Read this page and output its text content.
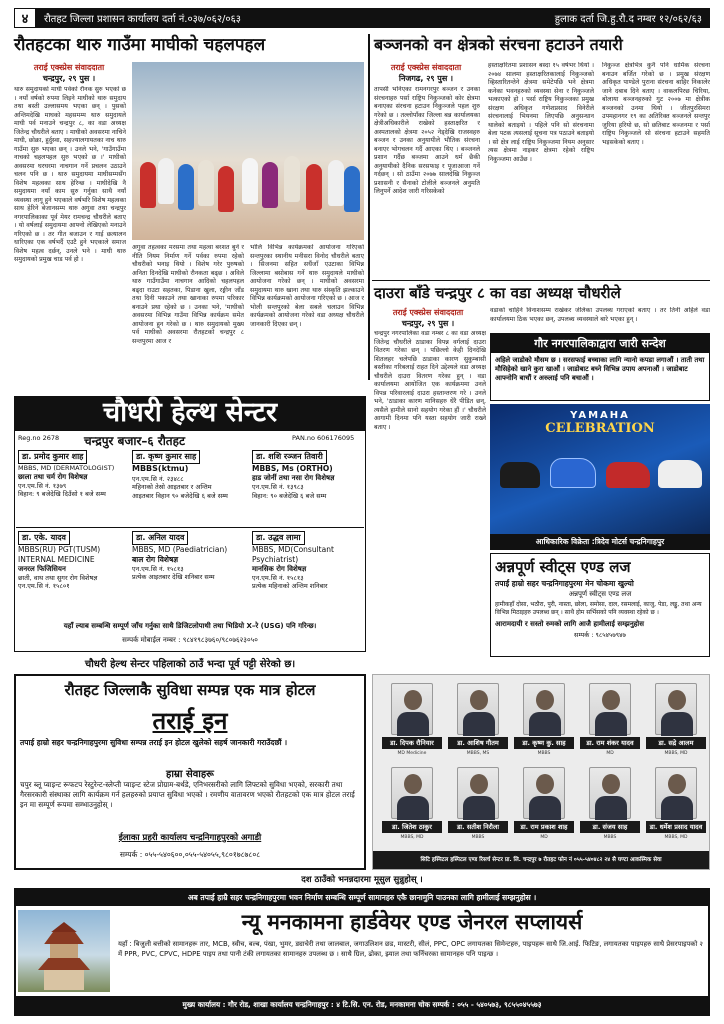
४	रौतहट जिल्ला प्रशासन कार्यालय दर्ता नं.०३७/०६२/०६३	हुलाक दर्ता जि.हु.रौ.द नम्बर १२/०६२/६३
रौतहटका थारु गाउँमा माघीको चहलपहल
तराई एक्स्प्रेस संवाददाता
चन्द्रपुर, २९ पुस ।
थारु समुदायको माघी पर्वको रौनक सुरु भएको छ । नयाँ वर्षको रुपमा लिइने माघीको थारु समुदाय तथा बस्ती उल्लासमय भएका छन् । पुसको अन्तिमदेखि माघको महसमम्म थारु समुदायले माघी पर्व मनाउने चन्द्रपुर ८, का वडा अध्यक्ष जितेन्द्र चौधरीले बताए । माघीको अवसरमा नाचिने माघी, छोक्रा, हुर्दुस्वा, सहज्यालगायतका नाच थारु गाउँमा सुरु भएका छन् । उनले भने, 'गाउँगाउँमा नाचको चहलपहल सुरु भएको छ ।' माघीको अवसरमा घरघरमा नाचगान गर्ने प्रचलन उठाउने चलन पनि छ । थारु समुदायमा माघीसम्मसँग विशेष महत्वका साथ हेरिन्छ । माघीदेखि नै समुदायमा नयाँ काम सुरु गर्नुका साथै नयाँ व्यवस्था लागू हुने भएकाले वर्षभरि विशेष महत्वका साथ हेरिने बेजानसम्म थारु अगुवा तथा चन्द्रपुर नगरपालिकाका पूर्व मेयर रामचन्द्र चौधरीले बताए । यो वर्षलाई समुदायमा आफ्नो लेखिएको मनाउने गरिएको छ । तर गीत बजाउन र गाई छत्यालन धारिएका एक वर्षभर्दै एउटै हुने भएकाले समाज विशेष महत्व दर्छन्, उनले भने । माघी थारु समुदायको प्रमुख चाड पर्व हो ।
अगुवा तहत्वका मरसमा तथा महत्वा बरशत बुर्ने र नीति नियम निर्माण गर्ने पर्वका रुपमा रहेको चौधरीको भनाइ थियो । विशेष गरेर पुरुषको अनिता दिनदेखि माघीको रौनकता बढ्छ । अविले थारु गाउँगाउँमा नाचगान आदिको चहलपहल बढ्दा राउटा सहतका, पिडाना खुला, रङ्गीन जाँड तथा दिनी पकाउने तथा खानाका रुपमा परिकार बनाउने प्रथा रहेको छ । उनका भने, 'माघीको अवसरमा विभिन्न गाउँमा विभिन्न कार्यक्रम समेत आयोजना हुन गरेको छ । थारु समुदायको मुख्य पर्व माघीको अवसरमा रौतहटको चन्द्रपुर ८ सन्तपुरमा आज र
भोलि विभिन्न कार्यक्रमको आयोजना गरिएको सन्तपुरका स्थानीय मनीसरा विनोद चौधरीले बताए । सिजनमा सहित सधैंजाँ एउटाका विभिन्न जिल्लामा बसोबास गर्ने थारु समुदायले माघीको आयोजना गरेको छन् । माघीको अवसरमा समुदायमा थारु खाना तथा थारु संस्कृति झल्काउने विभिन्न कार्यक्रमको आयोजना गरिएको छ । आज र भोली सन्तपुरको बेला सबले चलाउन विभिन्न कार्यक्रमको आयोजना गरेको वडा अध्यक्ष चौधरीले जानकारी दिएका छन् ।
बञ्जनको वन क्षेत्रको संरचना हटाउने तयारी
तराई एक्स्प्रेस संवाददाता
निजगढ, २९ पुस ।
तापसी भनिएका रामनगरपुर बञ्जन र उनका संरचनाहरु पर्सा राष्ट्रिय निकुञ्जको कोर क्षेत्रमा बनाएका संरचना हटाउन निकुञ्जले पहल शुरु गरेको छ । तल्लोपाँका जिल्ला बन्न कार्यालयका क्षेत्रीअधिकारीले राखेको हस्ताक्षरित र अस्पतालको क्षेत्रमा २०५२ नेड्देखि राजस्वहरु बञ्जन र उनका अनुयायीले भौतिक संरचना बनाएर भोगचलन गर्दै आएका थिए । बञ्जनले प्रशान गर्दैछ बञ्जमा आउने धर्म छैकी अनुयायीको दैनिक सरसफाइ र पूजाआजा गर्ने गर्दछन् । सो ठाउँमा २०७७ सालदेखि निकुञ्ज प्रशासनी र सैनाको टोलीले बञ्जनले अनुमति लिनुपर्ने आदेश जारी गरिसकेको
हस्ताक्षरितमा प्रशासन बस्दा १५ वर्षभर थियो । २०७४ सालमा हस्ताक्षरितकालाई निकुञ्जको व्हिस्तारितन्तेने क्षेत्रमा समेटेपछि भने क्षेत्रमा कनेका भवनहरुको व्यवस्था सेना र निकुञ्जले भत्काएको हो । पर्सा राष्ट्रिय निकुञ्जका प्रमुख संरक्षण अधिकृत गणेशप्रसाद विनेरीले संरचनालाई भियनमा लिएपछि अनुसन्धान थालेको बताइयो । पहिले पनि सो संरचनामा बेला पटक त्यसलाई सूचना पत्र पठाउने बताइयो । सो क्षेत्र लाई राष्ट्रिय निकुञ्जमा नियम अनुसार त्यस क्षेत्रमा नाइकर क्षेत्रमा रहेको राष्ट्रिय निकुञ्जमा आउँछ ।
निकुञ्ज क्षेत्रभित्र कुनै पनि धार्मिक संरचना बनाउन बर्जित गरेको छ । प्रमुख संरक्षण अधिकृत पाण्डेले पुराना संरचना बाहिर निकालेर जाने दबाब दिने बताए । वाकलपिरछ चिरिया, बोलाया बञ्जनहरुको गुट २००७ मा क्षेत्रीक बञ्जनको उनमा थियो । जीतपुरसिमरा उपमहानगर १९ का अतिरिक्त बञ्जनले सन्तपुर जुरिया हरियो छ, सो छतिबाट बञ्जनमा र पर्सा राष्ट्रिय निकुञ्जले सो संरचना हटाउने सहमति भइसकेको बताए ।
दाउरा बाँडे चन्द्रपुर ८ का वडा अध्यक्ष चौधरीले
तराई एक्स्प्रेस संवाददाता
चन्द्रपुर, २९ पुस ।
चन्द्रपुर नगरपालिका वडा नम्बर ८ का वडा अध्यक्ष जितेन्द्र चौधरीले ठाडाका विपन्न वर्गलाई दाउरा वितरण गरेका छन् । पछिल्लो केही दिनदेखि शितलहर चलेपछि ठाडाका कारण सुकुम्बासी बस्तीका गरिबलाई राहत दिने उद्देश्यले वडा अध्यक्ष चौधरीले दाउरा वितरण गरेका हुन् । वडा कार्यालयमा आयोजित एक कार्यक्रममा उनले विपन्न परिवारलाई दाउरा हस्तान्तरण गरे । उनले भने, 'ठाडाका कारण मानिसहरु धेरै पीडित छन्, त्यसैले हामीले सानो सहयोग गरेका हौं ।' चौधरीले आगामी दिनमा पनि यस्ता सहयोग जारी राख्ने बताए ।
वडाको चाहिने विनाशसम्म राखेकर जेलिका उपलब्ध गराएको बताए । तर तिनी अहिले वडा कार्यालयमा ठिक भएका छन्, उपलब्ध व्यवस्थाले बारे भएका हुन् ।
गौर नगरपालिकाद्वारा जारी सन्देश
अहिले जाडोको मौसम छ । सरसफाई बच्चाका लागि न्यानो कपडा लगाऔं । ताती तथा मौसिहेको खाने कुरा खाऔं । जाडोबाट बच्ने विभिन्न उपाय अपनाऔं । जाडोबाट आफ्नोनि बाचौं र अरुलाई पनि बचाऔं ।
YAMAHA
CELEBRATION
आधिकारिक विक्रेता :त्रिदेव मोटर्स चन्द्रनिगाहपुर
अन्नपूर्ण स्वीट्स एण्ड लज
तपाईं हाम्रो सहर चन्द्रनिगाहपुरमा मेन चोकमा खुल्यो
अन्नपूर्ण स्वीट्स एण्ड लज
हामीकहाँ दोसा, भठौरा, पुरी, नास्ता, छोला, समोसा, दाल, रसमलाई, काजु, पेडा, लड्डु, तथा अन्य विभिन्न मिठाइहरु उपलब्ध छन् । साथै होम सर्भिसको पनि व्यवस्था रहेको छ ।
आरामदायी र सस्तो रुमको लागि आजै हामीलाई सम्झनुहोस
सम्पर्क : ९८५४५७९४७
चौधरी हेल्थ सेन्टर
Reg.no 2678 चन्द्रपुर बजार–६ रौतहट	PAN.no 606176095
डा. प्रमोद कुमार शाह
MBBS, MD (DERMATOLOGIST)
छाला तथा चर्म रोग विशेषज्ञ
एन.एम.सि नं. १३७९
विहान: ९ बजेदेखि दिउँसो १ बजे सम्म
डा. कृष्ण कुमार साह
MBBS(ktmu)
एन.एम.सि नं. २३४८८
महिनाको तेस्रो आइतबार र अन्तिम
आइतबार विहान ९० बजेदेखि ६ बजे सम्म
डा. शशि रञ्जन तिवारी
MBBS, Ms (ORTHO)
हाड जोर्नी तथा नसा रोग विशेषज्ञ
एन.एम.सि नं. १३९८३
विहान: ९० बजेदेखि ६ बजे सम्म
डा. एके. यादव
MBBS(RU) PGT(TUSM) INTERNAL MEDICINE
जनरल फिजिसियन
छाती, वाथ तथा सुगर रोग विशेषज्ञ
एन.एम.सि नं. १५८०१
डा. अनिल यादव
MBBS, MD (Paediatrician)
बाल रोग विशेषज्ञ
एन.एम.सि नं. १५८१३
प्रत्येक आइतबार देखि शनिबार सम्म
डा. उद्धव लामा
MBBS, MD(Consultant Psychiatrist)
मानसिक रोग विशेषज्ञ
एन.एम.सि नं. १५८१३
प्रत्येक महिनाको अन्तिम शनिबार
यहाँ ल्याब सम्बन्धि सम्पूर्ण जाँच गर्नुका साथै डिजिटलोपाथी तथा भिडियो X–रे (USG) पनि गरिन्छ।
सम्पर्क मोबाईल नम्बर : ९८४१९८३७६०/९८०७६२३०५०
चौधरी हेल्थ सेन्टर पहिलाको ठाउँ भन्दा पूर्व पट्टी सेरेको छ।
रौतहट जिल्लाकै सुविधा सम्पन्न एक मात्र होटल
तराई इन
तपाई हाम्रो सहर चन्द्रनिगाहपुरमा सुविधा सम्पन्न तराई इन होटल खुलेको सहर्ष जानकारी गराउँदछौं ।
हाम्रा सेवाहरू
चपुर ब्लू प्वाइन्ट रूफटप रेस्टुरेन्ट-स्लेप्ती प्वाइन्ट स्टेज प्रोग्राम-बर्थडे, एनिभरसरीको लागि लिफ्टको सुविधा भएको, सरकारी तथा गैरसरकारी संस्थाका लागि कार्यक्रम गर्न हलहरुको प्रयाप्त सुविधा भएको । रमणीय वातावरण भएको रौतहटको एक मात्र होटल तराई इन मा सम्पूर्ण रूपमा सम्भाउनुहोस् ।
ईलाका प्रहरी कार्यालय चन्द्रनिगाहपुरको अगाडी
सम्पर्क : ०५५-५४०६००,०५५-५४०५५,९८०१७८७८०८
डा. दिपक रौनियार	डा. आशिष गौतम	डा. कृष्ण कु. साह	डा. राम शंकर यादव	डा. सद्रे आलम
MD Medicine	MBBS, MS	MBBS	MD	MBBS, MD
डा. जितेश ठाकुर	डा. सतीश निरौला	डा. राम प्रकाश शाह	डा. संजय साह	डा. धर्मेश प्रसाद यादव
MBBS, MD	MBBS	MD	MBBS	MBBS, MD
सिटि हस्पिटल हस्पिटल एण्ड रिसर्च सेन्टर प्रा. लि. चन्द्रपुर ७ रौतहट फोन नं ०५५-५४०४८२ २४ सै घण्टा आकस्मिक सेवा
दश ठाउँको भनन्नदारमा मूसुल सुन्नुहोस् ।
अब तपाई हाम्रै सहर चन्द्रनिगाहपुरमा भवन निर्माण सम्बन्धि सम्पूर्ण सामानहरु एकै छानामुनि पाउनका लागि हामीलाई सम्झनुहोस ।
न्यू मनकामना हार्डवेयर एण्ड जेनरल सप्लायर्स
यहाँ : बिजुली बत्तीको सामानहरू तार, MCB, स्वीच, बल्ब, पंखा, भुमर, ड्याचेरी तथा जालबाल, जगाउलिशन छड, मास्टरी, सीलं, PPC, OPC लगायतका सिमेन्टहरु, पाइपहरू साथै जि.आई. फिटिङ, लगायतका पाइपहरु साथै प्रेसरपाइपको २ में PPR, PVC, CPVC, HDPE पाइप तथा पानी टंकी लगायतका सामानहरु उपलब्ध छ । साथै ग्रिल, ढोका, झ्याल तथा फर्निचरका सामानहरु पनि पाइन्छ ।
मुख्य कार्यालय : गौर रोड, शाखा कार्यालय चन्द्रनिगाहपुर : ४ टि.सि. एन. रोड, मनकामना चोक सम्पर्क : ०५५ - ५४०५७३, ९८५५०४५५७३
